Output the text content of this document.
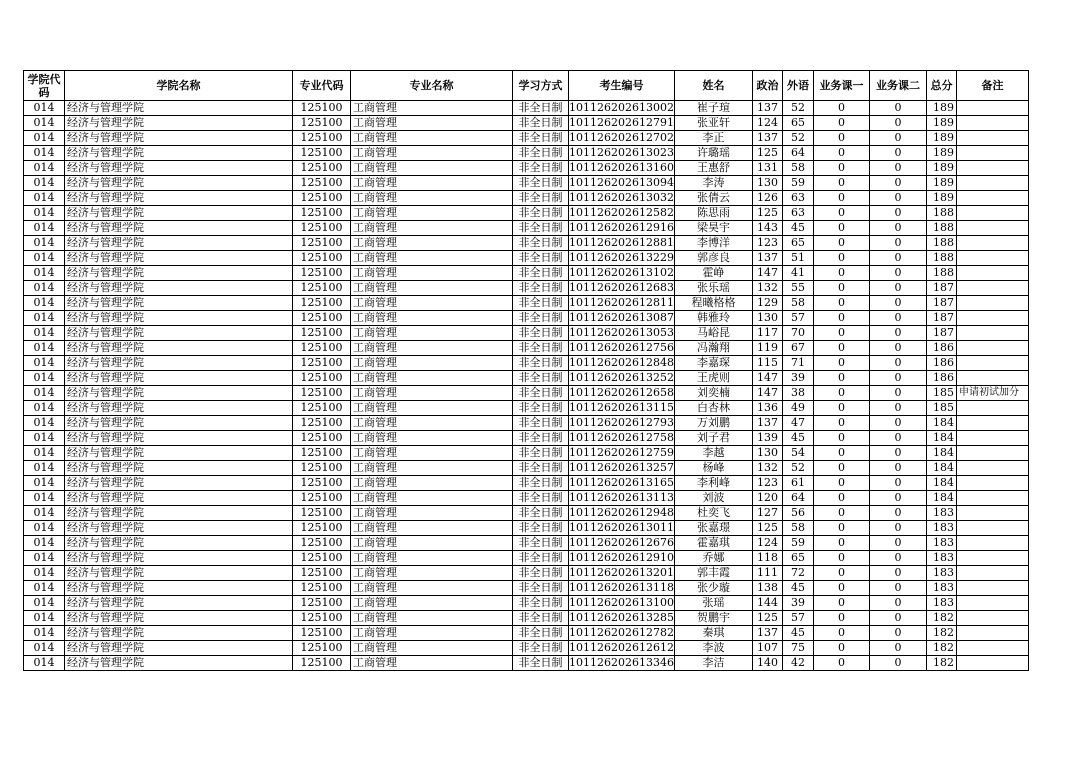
学院代码	学院名称	专业代码	专业名称	学习方式	考生编号	姓名	政治	外语	业务课一	业务课二	总分	备注
014	经济与管理学院	125100	工商管理	非全日制	101126202613002	崔子瑄	137	52	0	0	189	
014	经济与管理学院	125100	工商管理	非全日制	101126202612791	张亚轩	124	65	0	0	189	
014	经济与管理学院	125100	工商管理	非全日制	101126202612702	李正	137	52	0	0	189	
014	经济与管理学院	125100	工商管理	非全日制	101126202613023	许璐瑶	125	64	0	0	189	
014	经济与管理学院	125100	工商管理	非全日制	101126202613160	王惠舒	131	58	0	0	189	
014	经济与管理学院	125100	工商管理	非全日制	101126202613094	李涛	130	59	0	0	189	
014	经济与管理学院	125100	工商管理	非全日制	101126202613032	张倩云	126	63	0	0	189	
014	经济与管理学院	125100	工商管理	非全日制	101126202612582	陈思雨	125	63	0	0	188	
014	经济与管理学院	125100	工商管理	非全日制	101126202612916	梁昊宇	143	45	0	0	188	
014	经济与管理学院	125100	工商管理	非全日制	101126202612881	李博洋	123	65	0	0	188	
014	经济与管理学院	125100	工商管理	非全日制	101126202613229	郭彦良	137	51	0	0	188	
014	经济与管理学院	125100	工商管理	非全日制	101126202613102	霍峥	147	41	0	0	188	
014	经济与管理学院	125100	工商管理	非全日制	101126202612683	张乐瑶	132	55	0	0	187	
014	经济与管理学院	125100	工商管理	非全日制	101126202612811	程曦格格	129	58	0	0	187	
014	经济与管理学院	125100	工商管理	非全日制	101126202613087	韩雅玲	130	57	0	0	187	
014	经济与管理学院	125100	工商管理	非全日制	101126202613053	马峪昆	117	70	0	0	187	
014	经济与管理学院	125100	工商管理	非全日制	101126202612756	冯瀚翔	119	67	0	0	186	
014	经济与管理学院	125100	工商管理	非全日制	101126202612848	李嘉琛	115	71	0	0	186	
014	经济与管理学院	125100	工商管理	非全日制	101126202613252	王虎则	147	39	0	0	186	
014	经济与管理学院	125100	工商管理	非全日制	101126202612658	刘奕楠	147	38	0	0	185	申请初试加分
014	经济与管理学院	125100	工商管理	非全日制	101126202613115	白杏林	136	49	0	0	185	
014	经济与管理学院	125100	工商管理	非全日制	101126202612793	万刘鹏	137	47	0	0	184	
014	经济与管理学院	125100	工商管理	非全日制	101126202612758	刘子君	139	45	0	0	184	
014	经济与管理学院	125100	工商管理	非全日制	101126202612759	李越	130	54	0	0	184	
014	经济与管理学院	125100	工商管理	非全日制	101126202613257	杨峰	132	52	0	0	184	
014	经济与管理学院	125100	工商管理	非全日制	101126202613165	李利峰	123	61	0	0	184	
014	经济与管理学院	125100	工商管理	非全日制	101126202613113	刘波	120	64	0	0	184	
014	经济与管理学院	125100	工商管理	非全日制	101126202612948	杜奕飞	127	56	0	0	183	
014	经济与管理学院	125100	工商管理	非全日制	101126202613011	张嘉璟	125	58	0	0	183	
014	经济与管理学院	125100	工商管理	非全日制	101126202612676	霍嘉琪	124	59	0	0	183	
014	经济与管理学院	125100	工商管理	非全日制	101126202612910	乔娜	118	65	0	0	183	
014	经济与管理学院	125100	工商管理	非全日制	101126202613201	郭丰霞	111	72	0	0	183	
014	经济与管理学院	125100	工商管理	非全日制	101126202613118	张少璇	138	45	0	0	183	
014	经济与管理学院	125100	工商管理	非全日制	101126202613100	张瑶	144	39	0	0	183	
014	经济与管理学院	125100	工商管理	非全日制	101126202613285	贺鹏宇	125	57	0	0	182	
014	经济与管理学院	125100	工商管理	非全日制	101126202612782	秦琪	137	45	0	0	182	
014	经济与管理学院	125100	工商管理	非全日制	101126202612612	李波	107	75	0	0	182	
014	经济与管理学院	125100	工商管理	非全日制	101126202613346	李洁	140	42	0	0	182	
